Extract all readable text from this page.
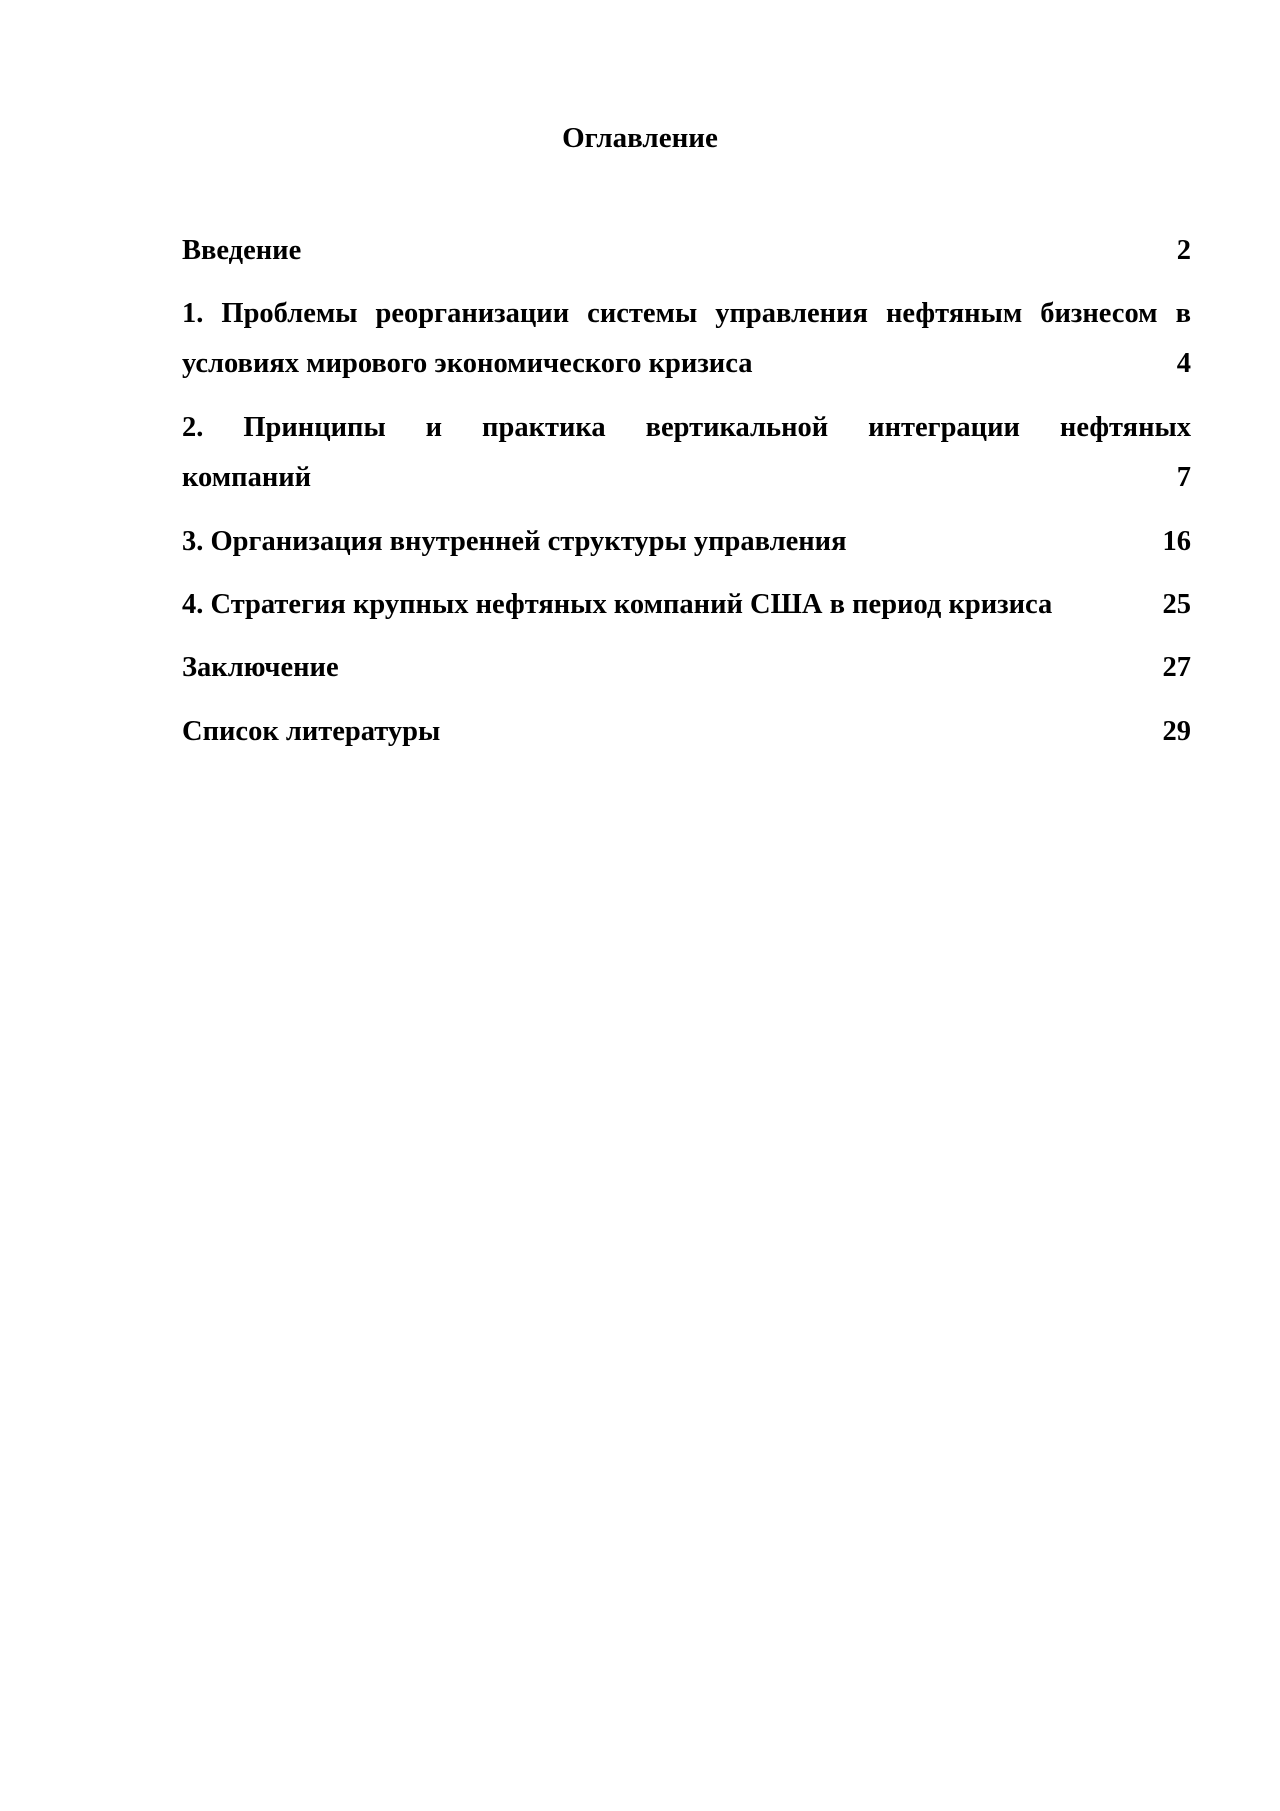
Оглавление
Введение	2
1. Проблемы реорганизации системы управления нефтяным бизнесом в
условиях мирового экономического кризиса	4
2. Принципы и практика вертикальной интеграции нефтяных
компаний	7
3. Организация внутренней структуры управления	16
4. Стратегия крупных нефтяных компаний США в период кризиса	25
Заключение	27
Список литературы	29
